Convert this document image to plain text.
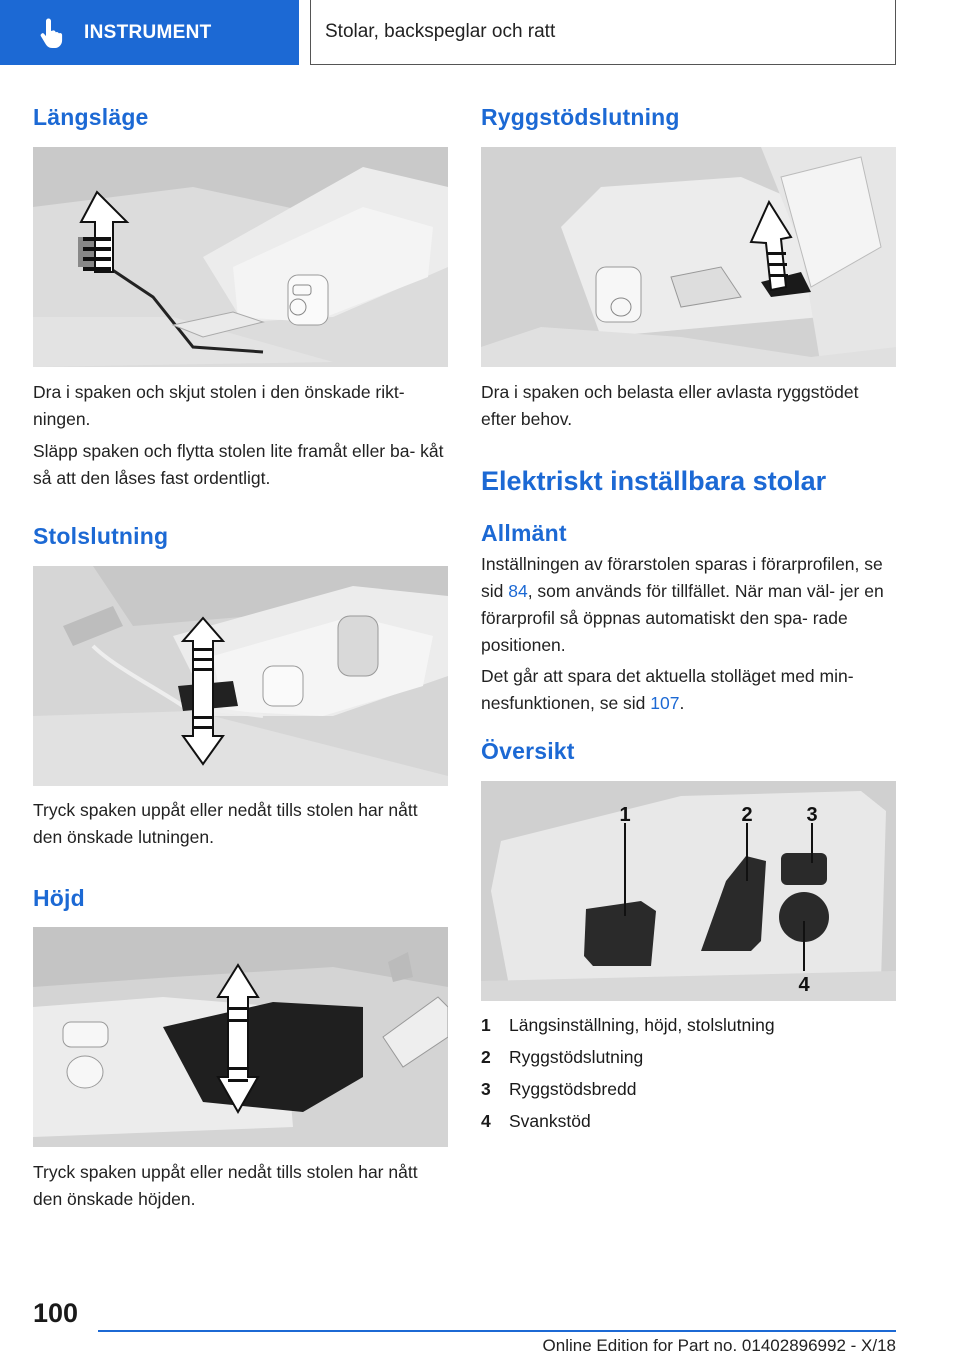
INSTRUMENT	Stolar, backspeglar och ratt
Längsläge

Dra i spaken och skjut stolen i den önskade rikt- ningen.

Släpp spaken och flytta stolen lite framåt eller ba- kåt så att den låses fast ordentligt.

Stolslutning

Tryck spaken uppåt eller nedåt tills stolen har nått den önskade lutningen.

Höjd

Tryck spaken uppåt eller nedåt tills stolen har nått den önskade höjden.

Ryggstödslutning

Dra i spaken och belasta eller avlasta ryggstödet efter behov.

Elektriskt inställbara stolar
Allmänt

Inställningen av förarstolen sparas i förarprofilen, se sid 84, som används för tillfället. När man väl- jer en förarprofil så öppnas automatiskt den spa- rade positionen.

Det går att spara det aktuella stolläget med min- nesfunktionen, se sid 107.

Översikt
1	2	3
4
1	Längsinställning, höjd, stolslutning
2	Ryggstödslutning
3	Ryggstödsbredd
4	Svankstöd
100
Online Edition for Part no. 01402896992 - X/18
